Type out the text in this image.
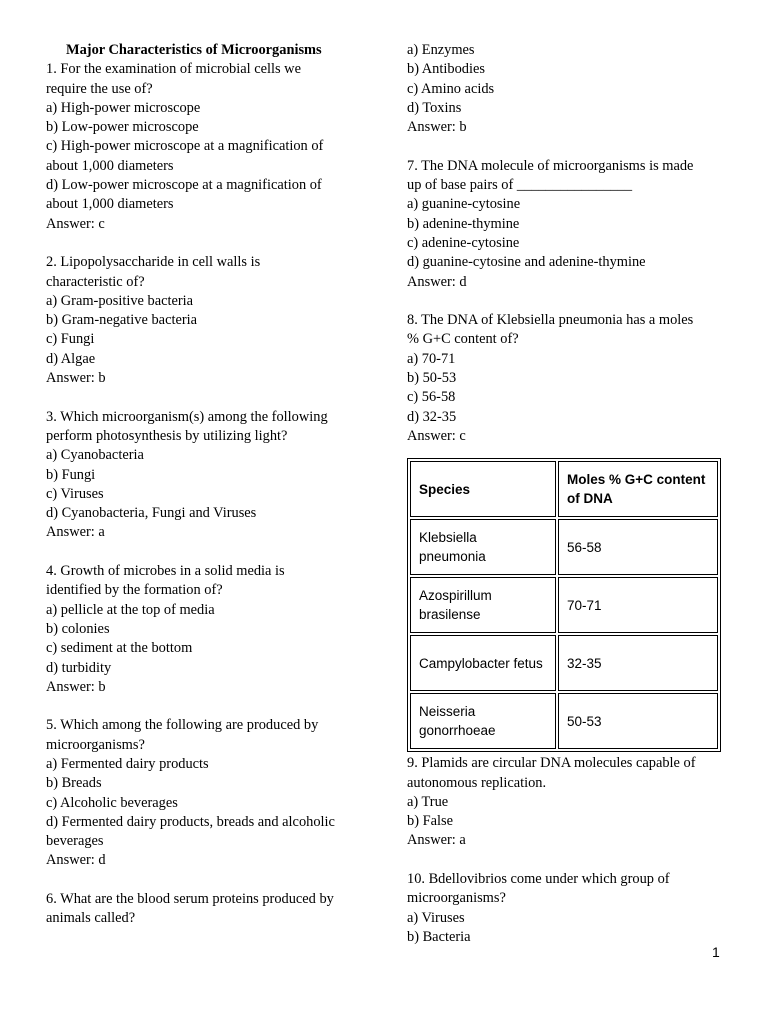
Major Characteristics of Microorganisms
1. For the examination of microbial cells we
require the use of?
a) High-power microscope
b) Low-power microscope
c) High-power microscope at a magnification of
about 1,000 diameters
d) Low-power microscope at a magnification of
about 1,000 diameters
Answer: c
2. Lipopolysaccharide in cell walls is
characteristic of?
a) Gram-positive bacteria
b) Gram-negative bacteria
c) Fungi
d) Algae
Answer: b
3. Which microorganism(s) among the following
perform photosynthesis by utilizing light?
a) Cyanobacteria
b) Fungi
c) Viruses
d) Cyanobacteria, Fungi and Viruses
Answer: a
4. Growth of microbes in a solid media is
identified by the formation of?
a) pellicle at the top of media
b) colonies
c) sediment at the bottom
d) turbidity
Answer: b
5. Which among the following are produced by
microorganisms?
a) Fermented dairy products
b) Breads
c) Alcoholic beverages
d) Fermented dairy products, breads and alcoholic
beverages
Answer: d
6. What are the blood serum proteins produced by
animals called?
a) Enzymes
b) Antibodies
c) Amino acids
d) Toxins
Answer: b
7. The DNA molecule of microorganisms is made
up of base pairs of ________________
a) guanine-cytosine
b) adenine-thymine
c) adenine-cytosine
d) guanine-cytosine and adenine-thymine
Answer: d
8. The DNA of Klebsiella pneumonia has a moles
% G+C content of?
a) 70-71
b) 50-53
c) 56-58
d) 32-35
Answer: c
Species	Moles % G+C content of DNA
Klebsiella pneumonia	56-58
Azospirillum brasilense	70-71
Campylobacter fetus	32-35
Neisseria gonorrhoeae	50-53
9. Plamids are circular DNA molecules capable of
autonomous replication.
a) True
b) False
Answer: a
10. Bdellovibrios come under which group of
microorganisms?
a) Viruses
b) Bacteria
1
